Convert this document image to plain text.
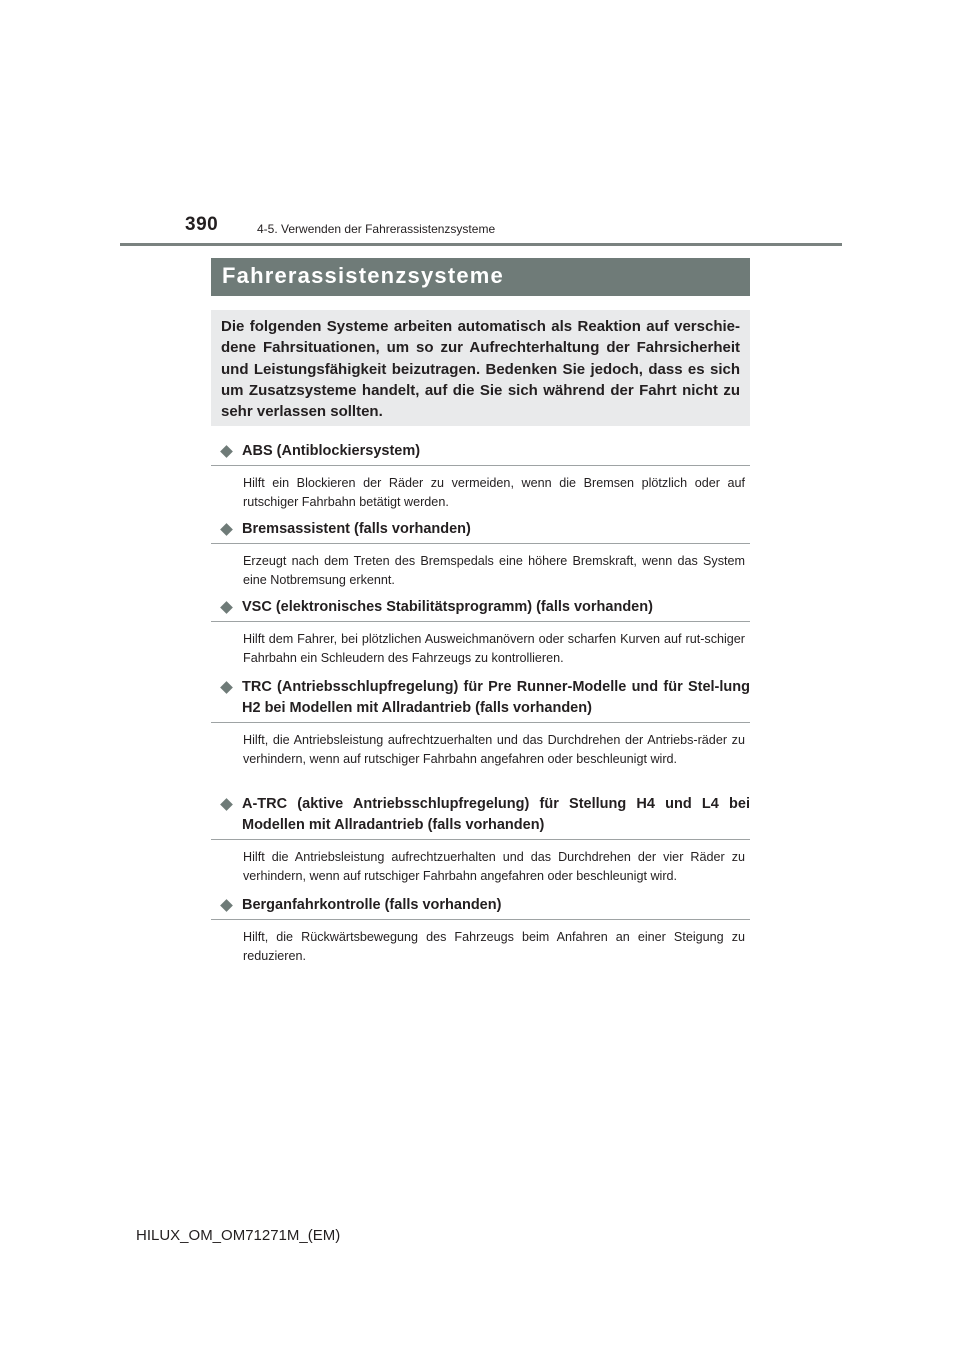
390	4-5. Verwenden der Fahrerassistenzsysteme
Fahrerassistenzsysteme

Die folgenden Systeme arbeiten automatisch als Reaktion auf verschie-dene Fahrsituationen, um so zur Aufrechterhaltung der Fahrsicherheit und Leistungsfähigkeit beizutragen. Bedenken Sie jedoch, dass es sich um Zusatzsysteme handelt, auf die Sie sich während der Fahrt nicht zu sehr verlassen sollten.

ABS (Antiblockiersystem)
Hilft ein Blockieren der Räder zu vermeiden, wenn die Bremsen plötzlich oder auf rutschiger Fahrbahn betätigt werden.
Bremsassistent (falls vorhanden)
Erzeugt nach dem Treten des Bremspedals eine höhere Bremskraft, wenn das System eine Notbremsung erkennt.
VSC (elektronisches Stabilitätsprogramm) (falls vorhanden)
Hilft dem Fahrer, bei plötzlichen Ausweichmanövern oder scharfen Kurven auf rut-schiger Fahrbahn ein Schleudern des Fahrzeugs zu kontrollieren.
TRC (Antriebsschlupfregelung) für Pre Runner-Modelle und für Stel-lung H2 bei Modellen mit Allradantrieb (falls vorhanden)
Hilft, die Antriebsleistung aufrechtzuerhalten und das Durchdrehen der Antriebs-räder zu verhindern, wenn auf rutschiger Fahrbahn angefahren oder beschleunigt wird.
A-TRC (aktive Antriebsschlupfregelung) für Stellung H4 und L4 bei Modellen mit Allradantrieb (falls vorhanden)
Hilft die Antriebsleistung aufrechtzuerhalten und das Durchdrehen der vier Räder zu verhindern, wenn auf rutschiger Fahrbahn angefahren oder beschleunigt wird.
Berganfahrkontrolle (falls vorhanden)
Hilft, die Rückwärtsbewegung des Fahrzeugs beim Anfahren an einer Steigung zu reduzieren.
HILUX_OM_OM71271M_(EM)
